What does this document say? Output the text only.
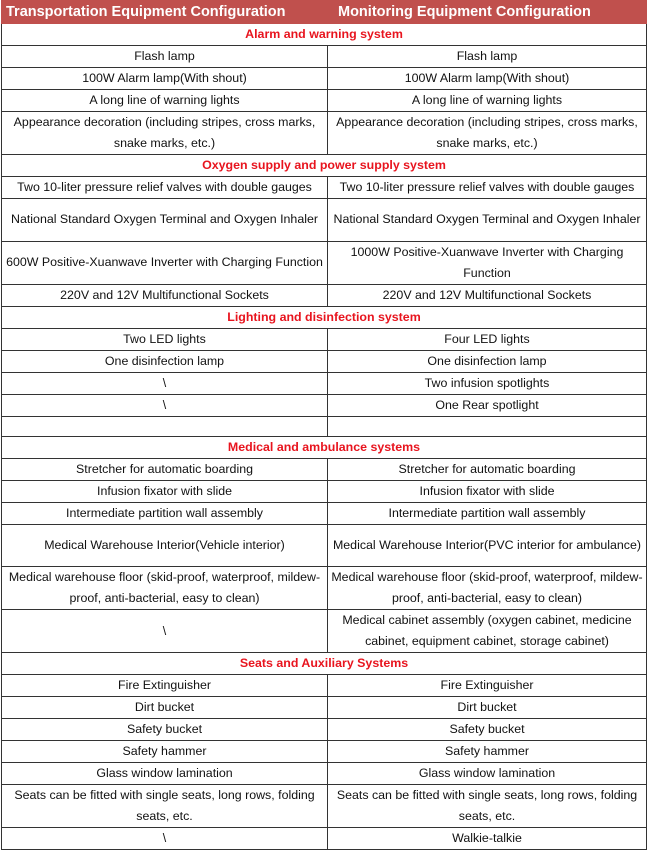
Transportation Equipment Configuration	Monitoring Equipment Configuration
Alarm and warning system	
Flash lamp	Flash lamp
100W Alarm lamp(With shout)	100W Alarm lamp(With shout)
A long line of warning lights	A long line of warning lights
Appearance decoration (including stripes, cross marks, snake marks, etc.)	Appearance decoration (including stripes, cross marks, snake marks, etc.)
Oxygen supply and power supply system	
Two 10-liter pressure relief valves with double gauges	Two 10-liter pressure relief valves with double gauges
National Standard Oxygen Terminal and Oxygen Inhaler	National Standard Oxygen Terminal and Oxygen Inhaler
600W Positive-Xuanwave Inverter with Charging Function	1000W Positive-Xuanwave Inverter with Charging Function
220V and 12V Multifunctional Sockets	220V and 12V Multifunctional Sockets
Lighting and disinfection system	
Two LED lights	Four LED lights
One disinfection lamp	One disinfection lamp
\	Two infusion spotlights
\	One Rear spotlight

Medical and ambulance systems	
Stretcher for automatic boarding	Stretcher for automatic boarding
Infusion fixator with slide	Infusion fixator with slide
Intermediate partition wall assembly	Intermediate partition wall assembly
Medical Warehouse Interior(Vehicle interior)	Medical Warehouse Interior(PVC interior for ambulance)
Medical warehouse floor (skid-proof, waterproof, mildew-proof, anti-bacterial, easy to clean)	Medical warehouse floor (skid-proof, waterproof, mildew-proof, anti-bacterial, easy to clean)
\	Medical cabinet assembly (oxygen cabinet, medicine cabinet, equipment cabinet, storage cabinet)
Seats and Auxiliary Systems	
Fire Extinguisher	Fire Extinguisher
Dirt bucket	Dirt bucket
Safety bucket	Safety bucket
Safety hammer	Safety hammer
Glass window lamination	Glass window lamination
Seats can be fitted with single seats, long rows, folding seats, etc.	Seats can be fitted with single seats, long rows, folding seats, etc.
\	Walkie-talkie
